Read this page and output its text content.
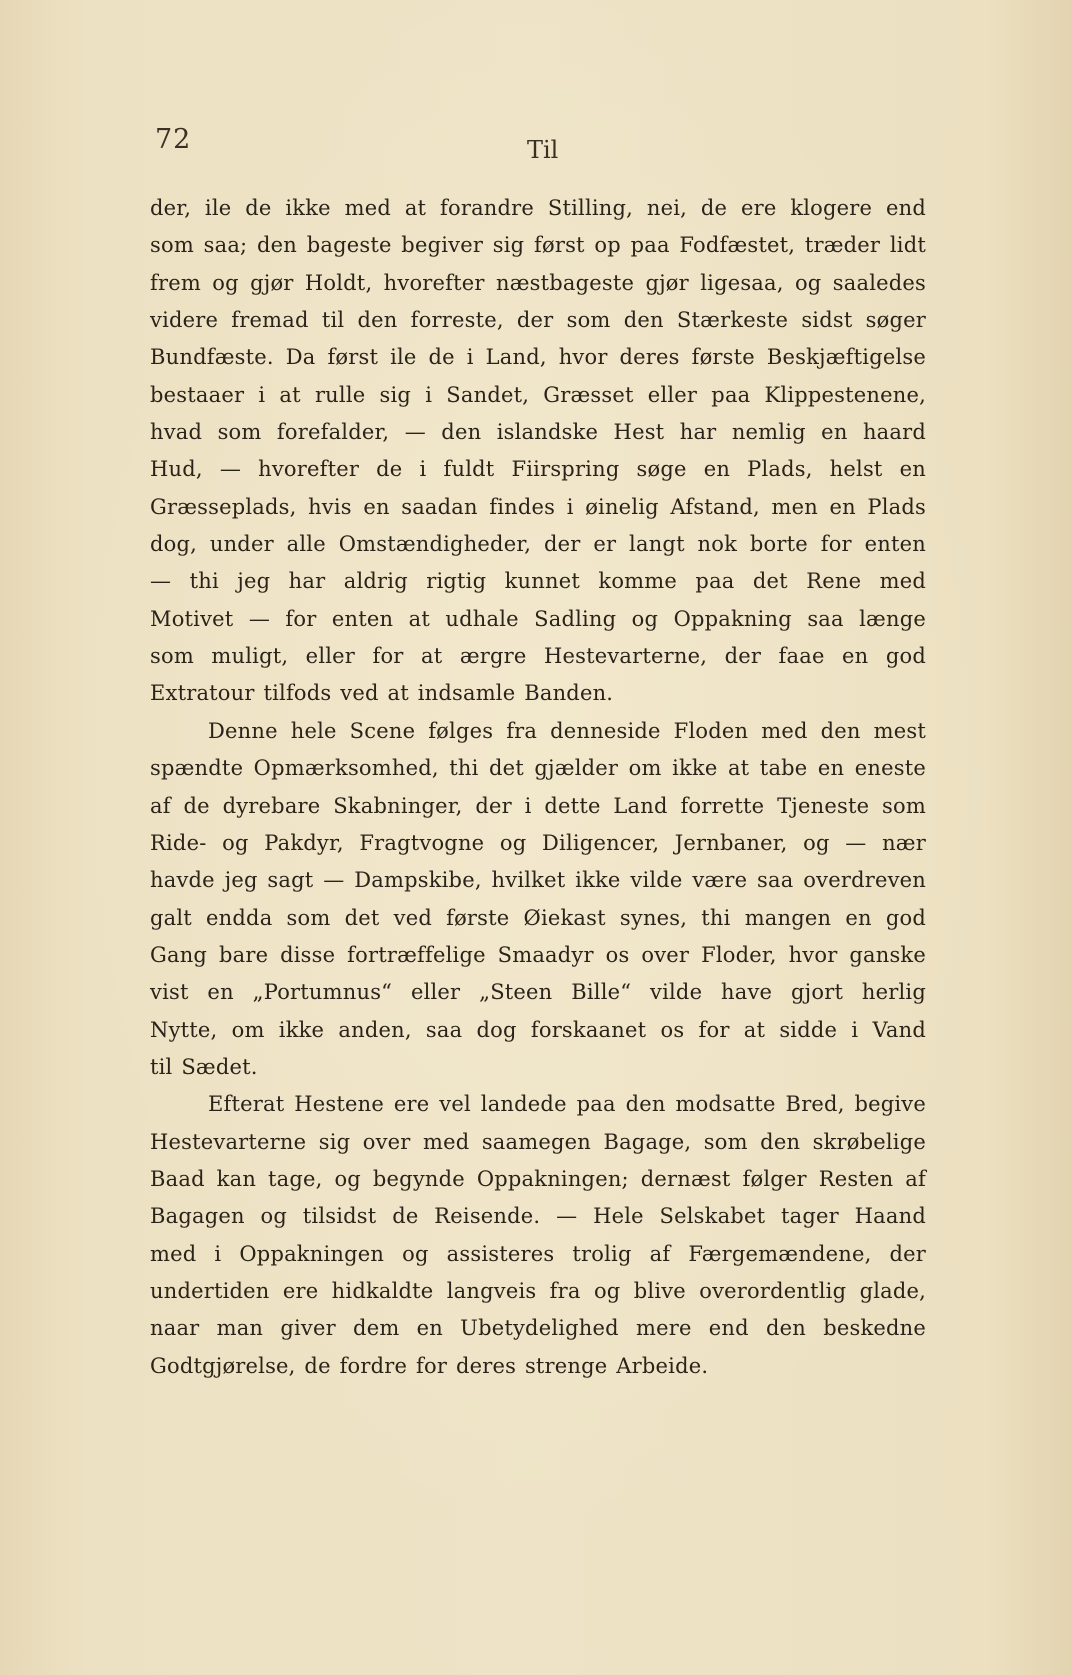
72	Til
der, ile de ikke med at forandre Stilling, nei, de ere klogere end
som saa; den bageste begiver sig først op paa Fodfæstet, træder lidt
frem og gjør Holdt, hvorefter næstbageste gjør ligesaa, og saaledes
videre fremad til den forreste, der som den Stærkeste sidst søger
Bundfæste. Da først ile de i Land, hvor deres første Beskjæftigelse
bestaaer i at rulle sig i Sandet, Græsset eller paa Klippestenene,
hvad som forefalder, — den islandske Hest har nemlig en haard
Hud, — hvorefter de i fuldt Fiirspring søge en Plads, helst en
Græsseplads, hvis en saadan findes i øinelig Afstand, men en Plads
dog, under alle Omstændigheder, der er langt nok borte for enten
— thi jeg har aldrig rigtig kunnet komme paa det Rene med
Motivet — for enten at udhale Sadling og Oppakning saa længe
som muligt, eller for at ærgre Hestevarterne, der faae en god
Extratour tilfods ved at indsamle Banden.
Denne hele Scene følges fra denneside Floden med den mest
spændte Opmærksomhed, thi det gjælder om ikke at tabe en eneste
af de dyrebare Skabninger, der i dette Land forrette Tjeneste som
Ride- og Pakdyr, Fragtvogne og Diligencer, Jernbaner, og — nær
havde jeg sagt — Dampskibe, hvilket ikke vilde være saa overdreven
galt endda som det ved første Øiekast synes, thi mangen en god
Gang bare disse fortræffelige Smaadyr os over Floder, hvor ganske
vist en „Portumnus“ eller „Steen Bille“ vilde have gjort herlig
Nytte, om ikke anden, saa dog forskaanet os for at sidde i Vand
til Sædet.
Efterat Hestene ere vel landede paa den modsatte Bred, begive
Hestevarterne sig over med saamegen Bagage, som den skrøbelige
Baad kan tage, og begynde Oppakningen; dernæst følger Resten af
Bagagen og tilsidst de Reisende. — Hele Selskabet tager Haand
med i Oppakningen og assisteres trolig af Færgemændene, der
undertiden ere hidkaldte langveis fra og blive overordentlig glade,
naar man giver dem en Ubetydelighed mere end den beskedne
Godtgjørelse, de fordre for deres strenge Arbeide.
